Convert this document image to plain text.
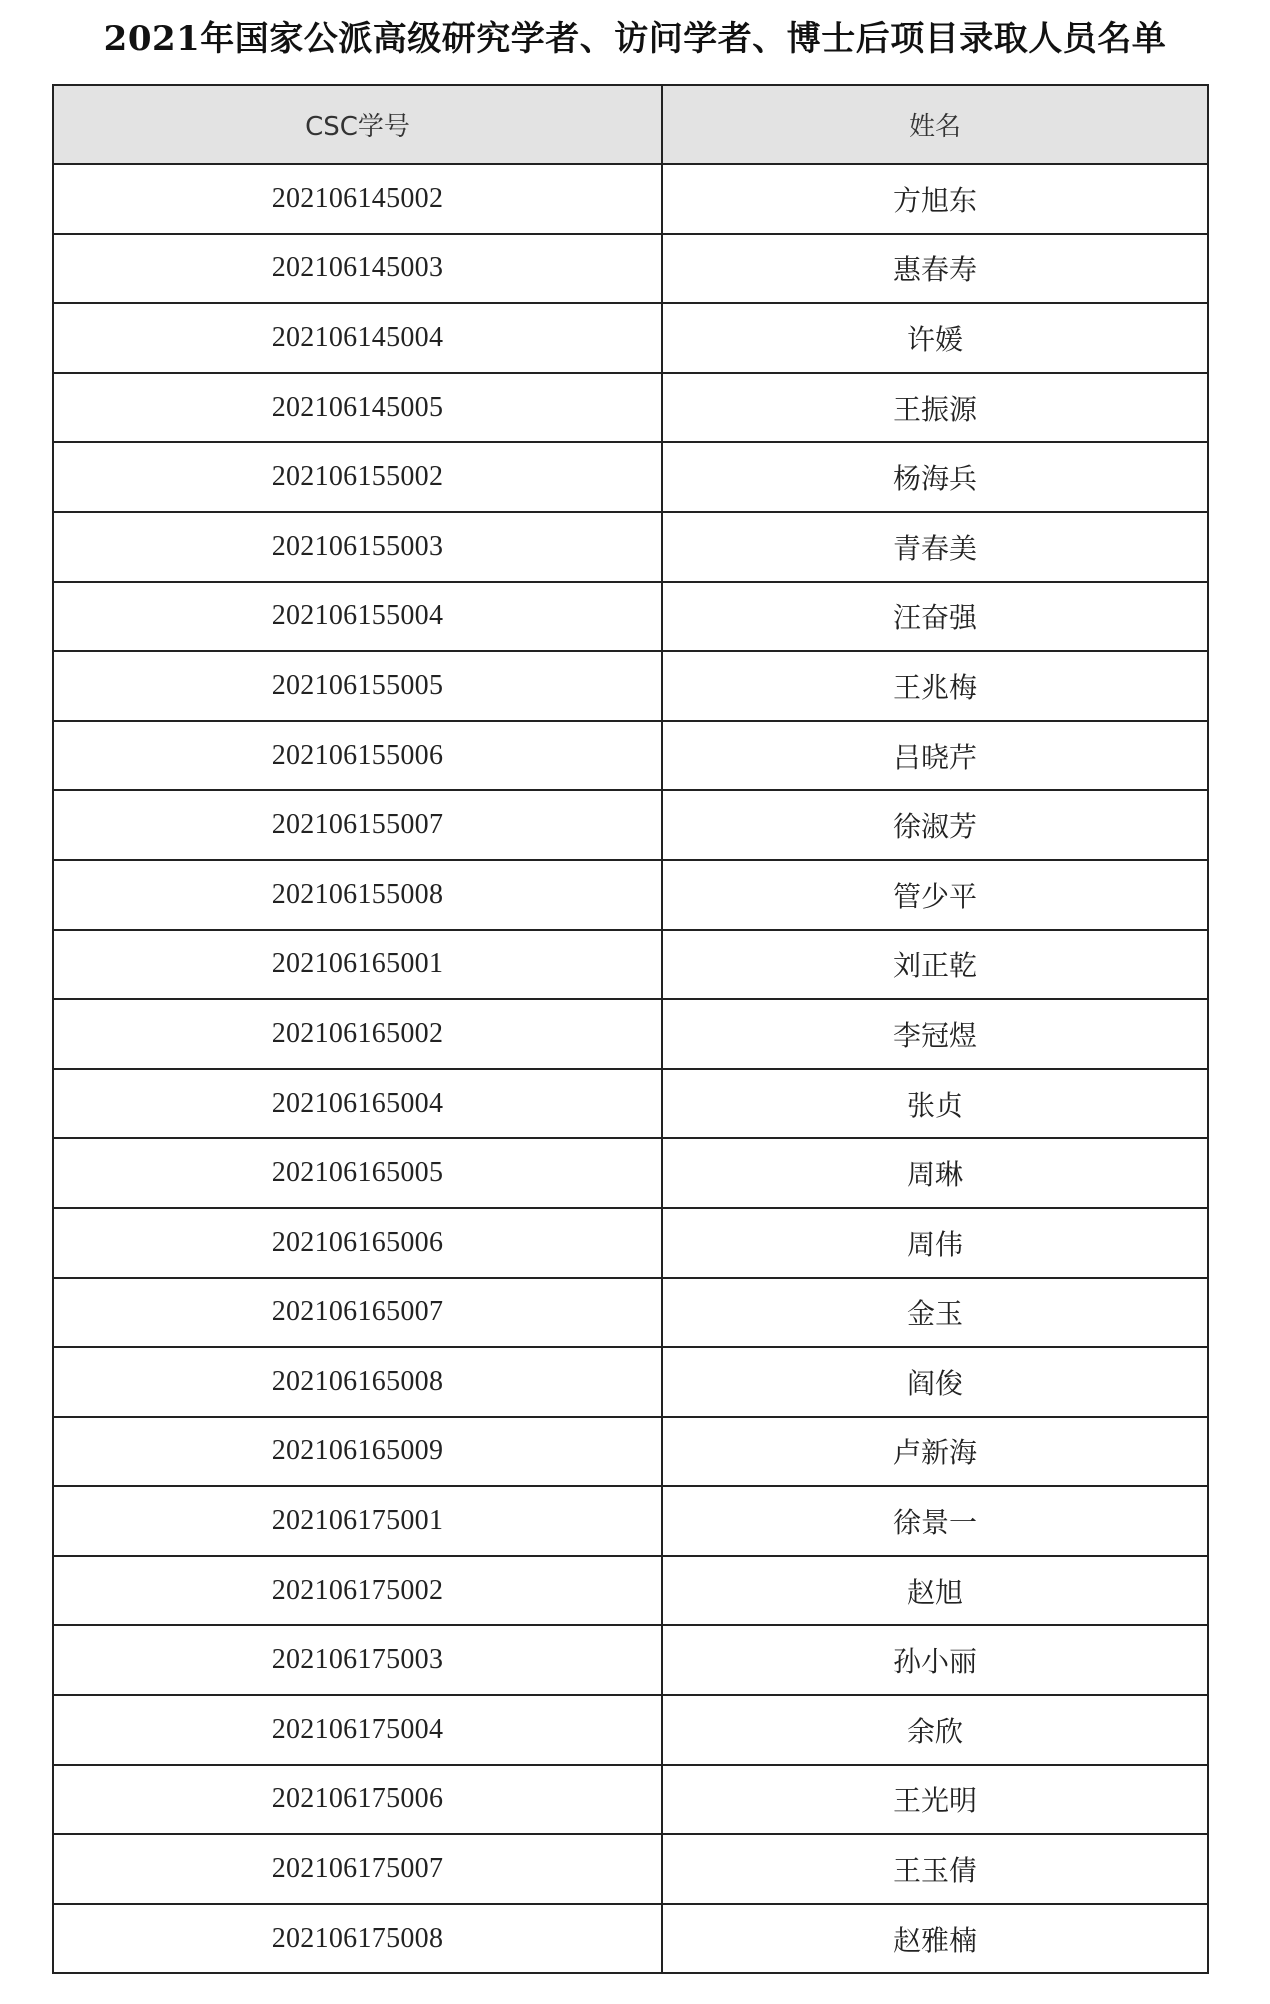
2021年国家公派高级研究学者、访问学者、博士后项目录取人员名单
CSC学号	姓名
202106145002	方旭东
202106145003	惠春寿
202106145004	许媛
202106145005	王振源
202106155002	杨海兵
202106155003	青春美
202106155004	汪奋强
202106155005	王兆梅
202106155006	吕晓芹
202106155007	徐淑芳
202106155008	管少平
202106165001	刘正乾
202106165002	李冠煜
202106165004	张贞
202106165005	周琳
202106165006	周伟
202106165007	金玉
202106165008	阎俊
202106165009	卢新海
202106175001	徐景一
202106175002	赵旭
202106175003	孙小丽
202106175004	余欣
202106175006	王光明
202106175007	王玉倩
202106175008	赵雅楠
